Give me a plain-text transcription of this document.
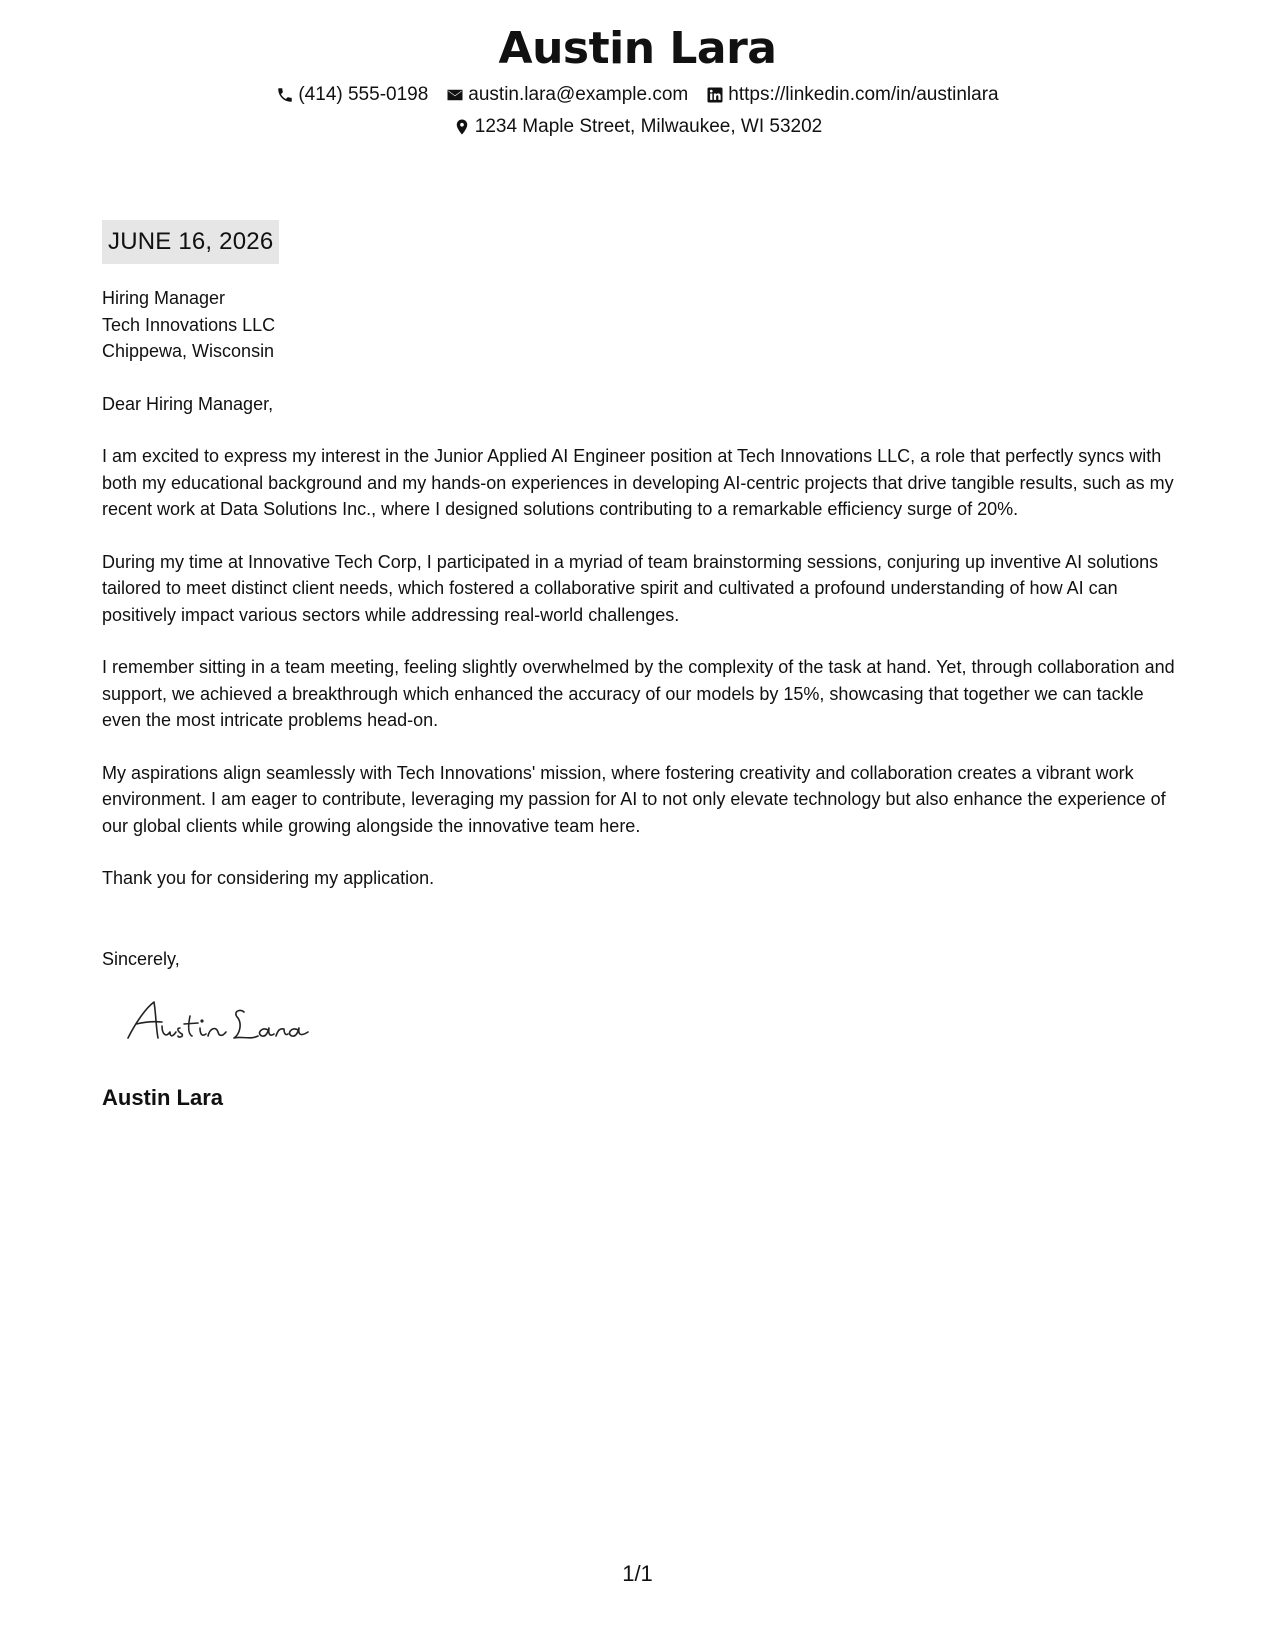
Austin Lara
(414) 555-0198 austin.lara@example.com https://linkedin.com/in/austinlara
1234 Maple Street, Milwaukee, WI 53202
JUNE 16, 2026

Hiring Manager

Tech Innovations LLC

Chippewa, Wisconsin

Dear Hiring Manager,

I am excited to express my interest in the Junior Applied AI Engineer position at Tech Innovations LLC, a role that perfectly syncs with both my educational background and my hands-on experiences in developing AI-centric projects that drive tangible results, such as my recent work at Data Solutions Inc., where I designed solutions contributing to a remarkable efficiency surge of 20%.

During my time at Innovative Tech Corp, I participated in a myriad of team brainstorming sessions, conjuring up inventive AI solutions tailored to meet distinct client needs, which fostered a collaborative spirit and cultivated a profound understanding of how AI can positively impact various sectors while addressing real-world challenges.

I remember sitting in a team meeting, feeling slightly overwhelmed by the complexity of the task at hand. Yet, through collaboration and support, we achieved a breakthrough which enhanced the accuracy of our models by 15%, showcasing that together we can tackle even the most intricate problems head-on.

My aspirations align seamlessly with Tech Innovations' mission, where fostering creativity and collaboration creates a vibrant work environment. I am eager to contribute, leveraging my passion for AI to not only elevate technology but also enhance the experience of our global clients while growing alongside the innovative team here.

Thank you for considering my application.

Sincerely,

Austin Lara
1/1
